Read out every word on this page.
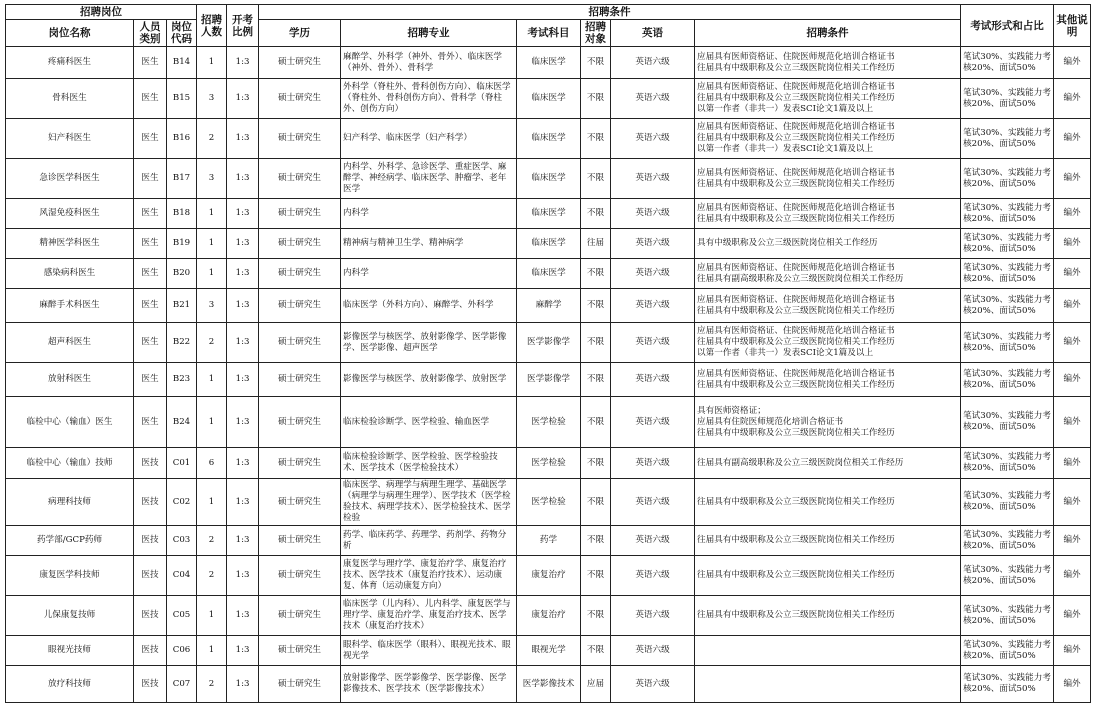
招聘岗位			招聘人数	开考比例	招聘条件						考试形式和占比	其他说明
岗位名称	人员类别	岗位代码			学历	招聘专业	考试科目	招聘对象	英语	招聘条件		
疼痛科医生	医生	B14	1	1:3	硕士研究生	麻醉学、外科学（神外、骨外）、临床医学（神外、骨外）、骨科学	临床医学	不限	英语六级	应届具有医师资格证、住院医师规范化培训合格证书
往届具有中级职称及公立三级医院岗位相关工作经历	笔试30%、实践能力考核20%、面试50%	编外
骨科医生	医生	B15	3	1:3	硕士研究生	外科学（脊柱外、骨科创伤方向）、临床医学（脊柱外、骨科创伤方向）、骨科学（脊柱外、创伤方向）	临床医学	不限	英语六级	应届具有医师资格证、住院医师规范化培训合格证书
往届具有中级职称及公立三级医院岗位相关工作经历
以第一作者（非共一）发表SCI论文1篇及以上	笔试30%、实践能力考核20%、面试50%	编外
妇产科医生	医生	B16	2	1:3	硕士研究生	妇产科学、临床医学（妇产科学）	临床医学	不限	英语六级	应届具有医师资格证、住院医师规范化培训合格证书
往届具有中级职称及公立三级医院岗位相关工作经历
以第一作者（非共一）发表SCI论文1篇及以上	笔试30%、实践能力考核20%、面试50%	编外
急诊医学科医生	医生	B17	3	1:3	硕士研究生	内科学、外科学、急诊医学、重症医学、麻醉学、神经病学、临床医学、肿瘤学、老年医学	临床医学	不限	英语六级	应届具有医师资格证、住院医师规范化培训合格证书
往届具有中级职称及公立三级医院岗位相关工作经历	笔试30%、实践能力考核20%、面试50%	编外
风湿免疫科医生	医生	B18	1	1:3	硕士研究生	内科学	临床医学	不限	英语六级	应届具有医师资格证、住院医师规范化培训合格证书
往届具有中级职称及公立三级医院岗位相关工作经历	笔试30%、实践能力考核20%、面试50%	编外
精神医学科医生	医生	B19	1	1:3	硕士研究生	精神病与精神卫生学、精神病学	临床医学	往届	英语六级	具有中级职称及公立三级医院岗位相关工作经历	笔试30%、实践能力考核20%、面试50%	编外
感染病科医生	医生	B20	1	1:3	硕士研究生	内科学	临床医学	不限	英语六级	应届具有医师资格证、住院医师规范化培训合格证书
往届具有副高级职称及公立三级医院岗位相关工作经历	笔试30%、实践能力考核20%、面试50%	编外
麻醉手术科医生	医生	B21	3	1:3	硕士研究生	临床医学（外科方向）、麻醉学、外科学	麻醉学	不限	英语六级	应届具有医师资格证、住院医师规范化培训合格证书
往届具有中级职称及公立三级医院岗位相关工作经历	笔试30%、实践能力考核20%、面试50%	编外
超声科医生	医生	B22	2	1:3	硕士研究生	影像医学与核医学、放射影像学、医学影像学、医学影像、超声医学	医学影像学	不限	英语六级	应届具有医师资格证、住院医师规范化培训合格证书
往届具有中级职称及公立三级医院岗位相关工作经历
以第一作者（非共一）发表SCI论文1篇及以上	笔试30%、实践能力考核20%、面试50%	编外
放射科医生	医生	B23	1	1:3	硕士研究生	影像医学与核医学、放射影像学、放射医学	医学影像学	不限	英语六级	应届具有医师资格证、住院医师规范化培训合格证书
往届具有中级职称及公立三级医院岗位相关工作经历	笔试30%、实践能力考核20%、面试50%	编外
临检中心（输血）医生	医生	B24	1	1:3	硕士研究生	临床检验诊断学、医学检验、输血医学	医学检验	不限	英语六级	具有医师资格证；
应届具有住院医师规范化培训合格证书
往届具有中级职称及公立三级医院岗位相关工作经历	笔试30%、实践能力考核20%、面试50%	编外
临检中心（输血）技师	医技	C01	6	1:3	硕士研究生	临床检验诊断学、医学检验、医学检验技术、医学技术（医学检验技术）	医学检验	不限	英语六级	往届具有副高级职称及公立三级医院岗位相关工作经历	笔试30%、实践能力考核20%、面试50%	编外
病理科技师	医技	C02	1	1:3	硕士研究生	临床医学、病理学与病理生理学、基础医学（病理学与病理生理学）、医学技术（医学检验技术、病理学技术）、医学检验技术、医学检验	医学检验	不限	英语六级	往届具有中级职称及公立三级医院岗位相关工作经历	笔试30%、实践能力考核20%、面试50%	编外
药学部/GCP药师	医技	C03	2	1:3	硕士研究生	药学、临床药学、药理学、药剂学、药物分析	药学	不限	英语六级	往届具有中级职称及公立三级医院岗位相关工作经历	笔试30%、实践能力考核20%、面试50%	编外
康复医学科技师	医技	C04	2	1:3	硕士研究生	康复医学与理疗学、康复治疗学、康复治疗技术、医学技术（康复治疗技术）、运动康复、体育（运动康复方向）	康复治疗	不限	英语六级	往届具有中级职称及公立三级医院岗位相关工作经历	笔试30%、实践能力考核20%、面试50%	编外
儿保康复技师	医技	C05	1	1:3	硕士研究生	临床医学（儿内科）、儿内科学、康复医学与理疗学、康复治疗学、康复治疗技术、医学技术（康复治疗技术）	康复治疗	不限	英语六级	往届具有中级职称及公立三级医院岗位相关工作经历	笔试30%、实践能力考核20%、面试50%	编外
眼视光技师	医技	C06	1	1:3	硕士研究生	眼科学、临床医学（眼科）、眼视光技术、眼视光学	眼视光学	不限	英语六级		笔试30%、实践能力考核20%、面试50%	编外
放疗科技师	医技	C07	2	1:3	硕士研究生	放射影像学、医学影像学、医学影像、医学影像技术、医学技术（医学影像技术）	医学影像技术	应届	英语六级		笔试30%、实践能力考核20%、面试50%	编外
